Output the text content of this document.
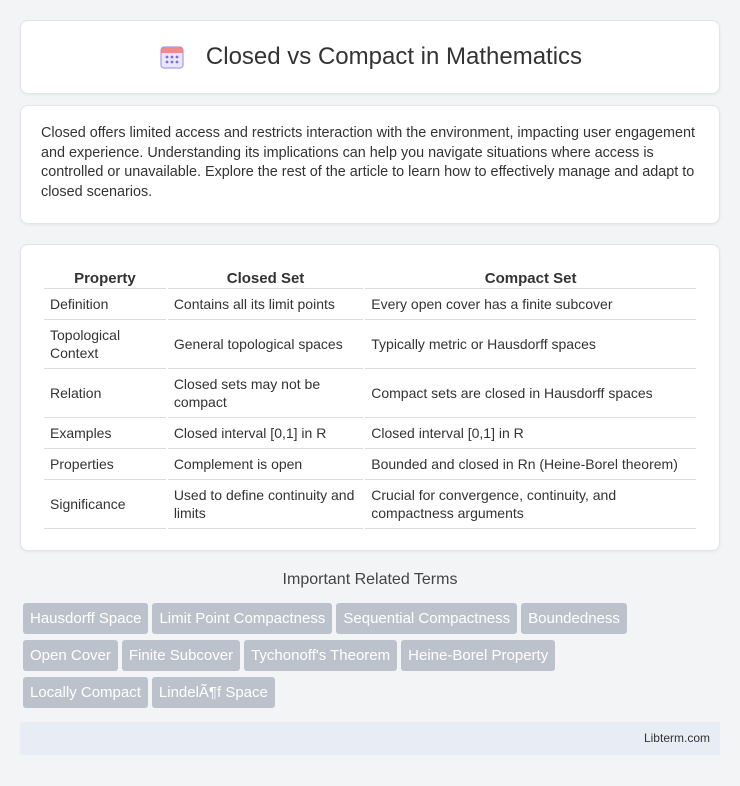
Closed vs Compact in Mathematics

Closed offers limited access and restricts interaction with the environment, impacting user engagement and experience. Understanding its implications can help you navigate situations where access is controlled or unavailable. Explore the rest of the article to learn how to effectively manage and adapt to closed scenarios.

Property	Closed Set	Compact Set
Definition	Contains all its limit points	Every open cover has a finite subcover
Topological Context	General topological spaces	Typically metric or Hausdorff spaces
Relation	Closed sets may not be compact	Compact sets are closed in Hausdorff spaces
Examples	Closed interval [0,1] in R	Closed interval [0,1] in R
Properties	Complement is open	Bounded and closed in Rn (Heine-Borel theorem)
Significance	Used to define continuity and limits	Crucial for convergence, continuity, and compactness arguments
Important Related Terms
Hausdorff Space Limit Point Compactness Sequential Compactness Boundedness
Open Cover Finite Subcover Tychonoff's Theorem Heine-Borel Property
Locally Compact LindelÃ¶f Space
Libterm.com
